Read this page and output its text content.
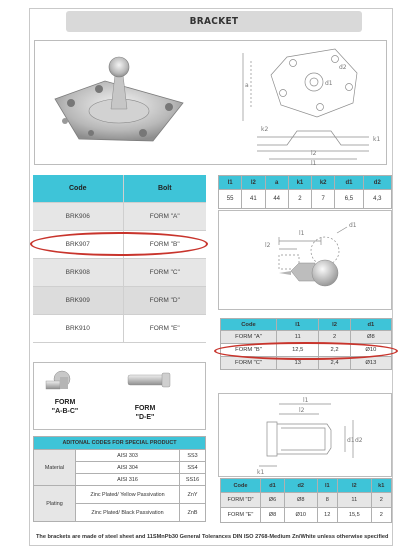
BRACKET
a	d1
d2
k2
k1
l2
l1
Code	Bolt
BRK906	FORM "A"
BRK907	FORM "B"
BRK908	FORM "C"
BRK909	FORM "D"
BRK910	FORM "E"
l1	l2	a	k1	k2	d1	d2
55	41	44	2	7	6,5	4,3
l1
l2
d1
Code	l1	l2	d1
FORM "A"	11	2	Ø8
FORM "B"	12,5	2,2	Ø10
FORM "C"	13	2,4	Ø13
l1
l2
d1 d2
k1
Code	d1	d2	l1	l2	k1
FORM "D"	Ø6	Ø8	8	11	2
FORM "E"	Ø8	Ø10	12	15,5	2
FORM
"A-B-C"	FORM
"D-E"
ADITONAL CODES FOR SPECIAL PRODUCT		
Material	AISI 303	SS3
	AISI 304	SS4
	AISI 316	SS16
Plating	Zinc Plated/ Yellow Passivation	ZnY
	Zinc Plated/ Black Passivation	ZnB
The brackets are made of steel sheet and 11SMnPb30 General Tolerances DIN ISO 2768-Medium Zn/White unless otherwise specified
